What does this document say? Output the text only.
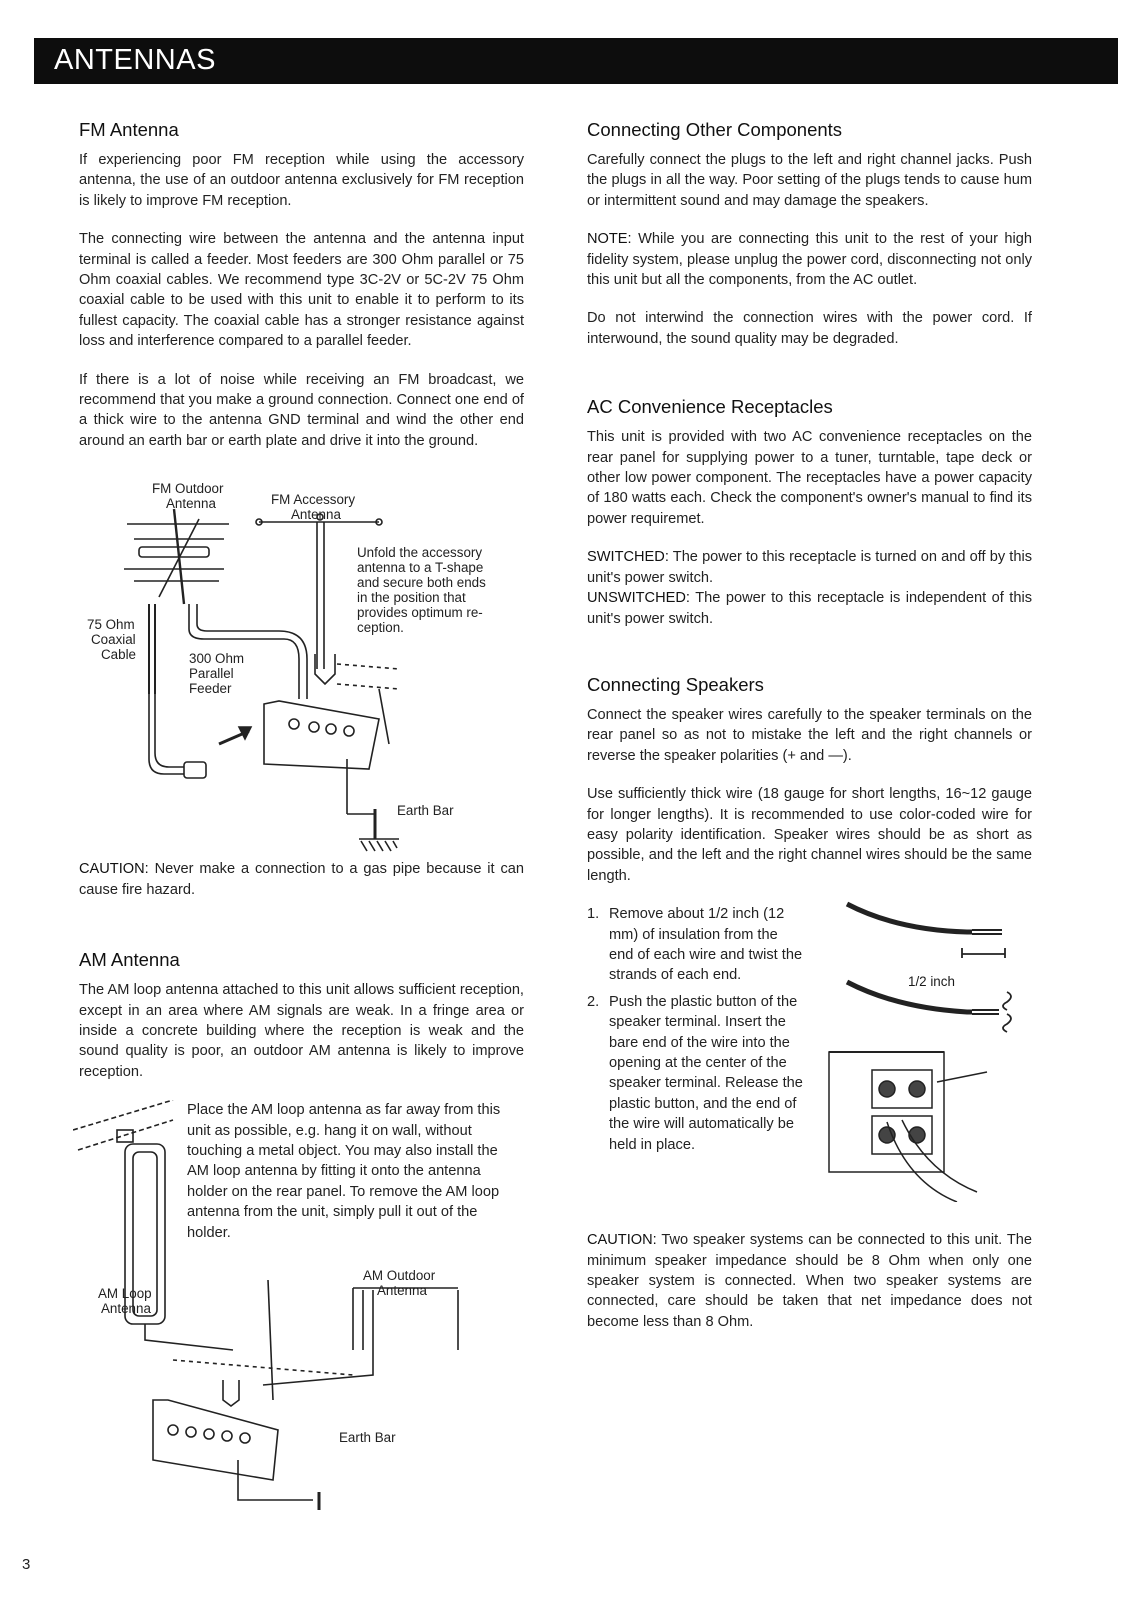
ANTENNAS
FM Antenna

If experiencing poor FM reception while using the accessory antenna, the use of an outdoor antenna exclusively for FM reception is likely to improve FM reception.

The connecting wire between the antenna and the antenna input terminal is called a feeder. Most feeders are 300 Ohm parallel or 75 Ohm coaxial cables. We recommend type 3C-2V or 5C-2V 75 Ohm coaxial cable to be used with this unit to enable it to perform to its fullest capacity. The coaxial cable has a stronger resistance against loss and interference compared to a parallel feeder.

If there is a lot of noise while receiving an FM broadcast, we recommend that you make a ground connection. Connect one end of a thick wire to the antenna GND terminal and wind the other end around an earth bar or earth plate and drive it into the ground.

FM Outdoor
Antenna	FM Accessory
Antenna
Unfold the accessory
antenna to a T-shape
and secure both ends
in the position that
provides optimum re-
ception.
75 Ohm
Coaxial
Cable	300 Ohm
Parallel
Feeder
Earth Bar

CAUTION: Never make a connection to a gas pipe because it can cause fire hazard.

AM Antenna

The AM loop antenna attached to this unit allows sufficient reception, except in an area where AM signals are weak. In a fringe area or inside a concrete building where the reception is weak and the sound quality is poor, an outdoor AM antenna is likely to improve reception.

Place the AM loop antenna as far away from this unit as possible, e.g. hang it on wall, without touching a metal object. You may also install the AM loop antenna by fitting it onto the antenna holder on the rear panel. To remove the AM loop antenna from the unit, simply pull it out of the holder.

AM Loop
Antenna
AM Outdoor
Antenna
Earth Bar
Connecting Other Components

Carefully connect the plugs to the left and right channel jacks. Push the plugs in all the way. Poor setting of the plugs tends to cause hum or intermittent sound and may damage the speakers.

NOTE: While you are connecting this unit to the rest of your high fidelity system, please unplug the power cord, disconnecting not only this unit but all the components, from the AC outlet.

Do not interwind the connection wires with the power cord. If interwound, the sound quality may be degraded.

AC Convenience Receptacles

This unit is provided with two AC convenience receptacles on the rear panel for supplying power to a tuner, turntable, tape deck or other low power component. The receptacles have a power capacity of 180 watts each. Check the component's owner's manual to find its power requiremet.

SWITCHED: The power to this receptacle is turned on and off by this unit's power switch.

UNSWITCHED: The power to this receptacle is independent of this unit's power switch.

Connecting Speakers

Connect the speaker wires carefully to the speaker terminals on the rear panel so as not to mistake the left and the right channels or reverse the speaker polarities (+ and —).

Use sufficiently thick wire (18 gauge for short lengths, 16~12 gauge for longer lengths). It is recommended to use color-coded wire for easy polarity identification. Speaker wires should be as short as possible, and the left and the right channel wires should be the same length.

1. Remove about 1/2 inch (12 mm) of insulation from the end of each wire and twist the strands of each end.
2. Push the plastic button of the speaker terminal. Insert the bare end of the wire into the opening at the center of the speaker terminal. Release the plastic button, and the end of the wire will automatically be held in place.
1/2 inch

CAUTION: Two speaker systems can be connected to this unit. The minimum speaker impedance should be 8 Ohm when only one speaker system is connected. When two speaker systems are connected, care should be taken that net impedance does not become less than 8 Ohm.

3
